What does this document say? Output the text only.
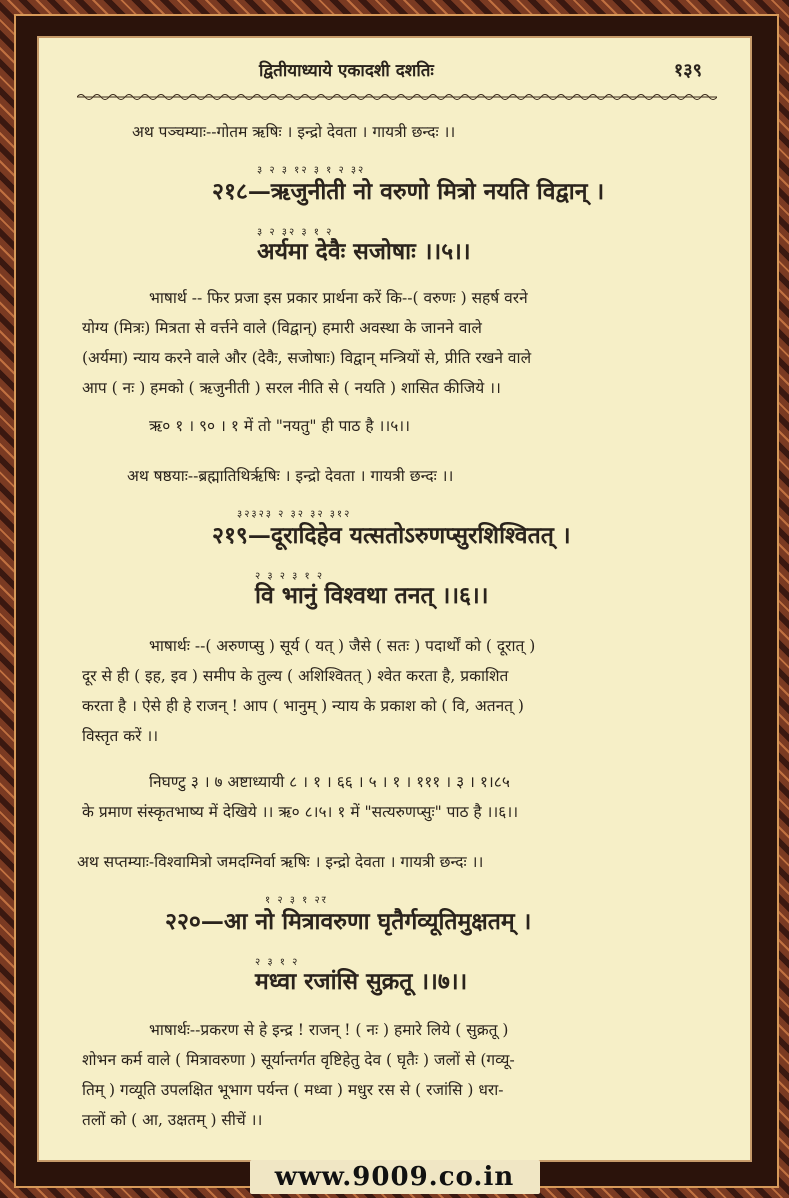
द्वितीयाध्याये एकादशी दशतिः	१३९
अथ पञ्चम्याः--गोतम ऋषिः । इन्द्रो देवता । गायत्री छन्दः ।।
३ २ ३ १२ ३ १ २ ३२
२१८—ऋजुनीती नो वरुणो मित्रो नयति विद्वान् ।
३ २ ३२ ३ १ २
अर्यमा देवैः सजोषाः ।।५।।
भाषार्थ -- फिर प्रजा इस प्रकार प्रार्थना करें कि--( वरुणः ) सहर्ष वरने
योग्य (मित्रः) मित्रता से वर्त्तने वाले (विद्वान्) हमारी अवस्था के जानने वाले
(अर्यमा) न्याय करने वाले और (देवैः, सजोषाः) विद्वान् मन्त्रियों से, प्रीति रखने वाले
आप ( नः ) हमको ( ऋजुनीती ) सरल नीति से ( नयति ) शासित कीजिये ।।
ऋ० १ । ९० । १ में तो "नयतु" ही पाठ है ।।५।।
अथ षष्ठयाः--ब्रह्मातिथिर्ऋषिः । इन्द्रो देवता । गायत्री छन्दः ।।
३२३२३ २ ३२ ३२ ३१२
२१९—दूरादिहेव यत्सतोऽरुणप्सुरशिश्वितत् ।
२ ३ २ ३ १ २
वि भानुं विश्वथा तनत् ।।६।।
भाषार्थः --( अरुणप्सु ) सूर्य ( यत् ) जैसे ( सतः ) पदार्थों को ( दूरात् )
दूर से ही ( इह, इव ) समीप के तुल्य ( अशिश्वितत् ) श्वेत करता है, प्रकाशित
करता है । ऐसे ही हे राजन् ! आप ( भानुम् ) न्याय के प्रकाश को ( वि, अतनत् )
विस्तृत करें ।।
निघण्टु ३ । ७ अष्टाध्यायी ८ । १ । ६६ । ५ । १ । १११ । ३ । १।८५
के प्रमाण संस्कृतभाष्य में देखिये ।। ऋ० ८।५। १ में "सत्यरुणप्सुः" पाठ है ।।६।।
अथ सप्तम्याः-विश्वामित्रो जमदग्निर्वा ऋषिः । इन्द्रो देवता । गायत्री छन्दः ।।
१ २ ३ १ २र
२२०—आ नो मित्रावरुणा घृतैर्गव्यूतिमुक्षतम् ।
२ ३ १ २
मध्वा रजांसि सुक्रतू ।।७।।
भाषार्थः--प्रकरण से हे इन्द्र ! राजन् ! ( नः ) हमारे लिये ( सुक्रतू )
शोभन कर्म वाले ( मित्रावरुणा ) सूर्यान्तर्गत वृष्टिहेतु देव ( घृतैः ) जलों से (गव्यू-
तिम् ) गव्यूति उपलक्षित भूभाग पर्यन्त ( मध्वा ) मधुर रस से ( रजांसि ) धरा-
तलों को ( आ, उक्षतम् ) सीचें ।।
www.9009.co.in
